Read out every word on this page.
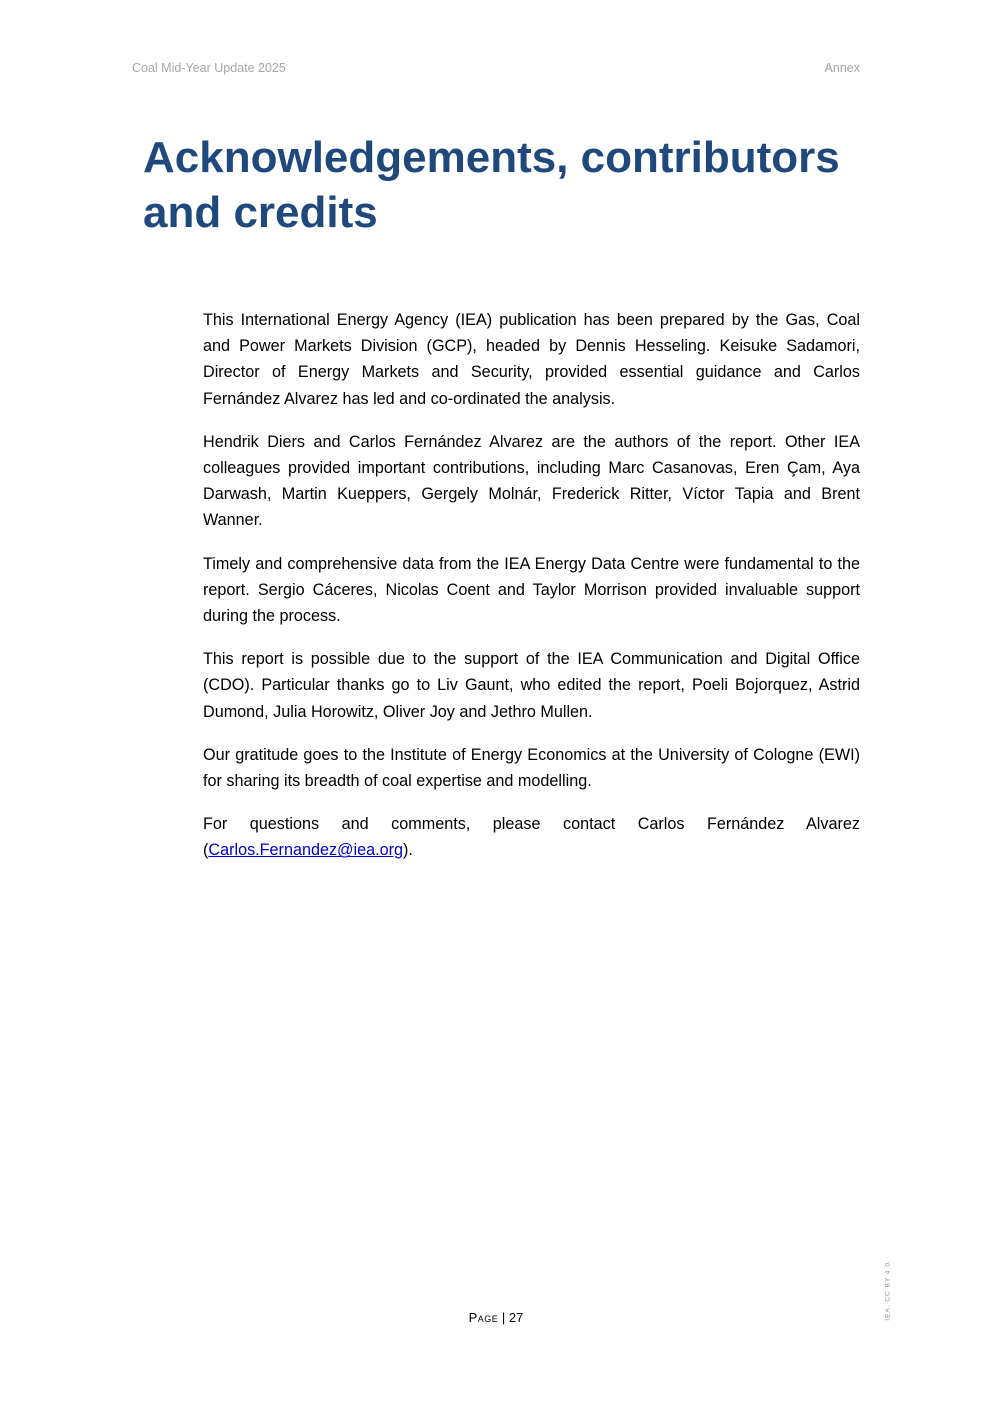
Coal Mid-Year Update 2025	Annex
Acknowledgements, contributors and credits

This International Energy Agency (IEA) publication has been prepared by the Gas, Coal and Power Markets Division (GCP), headed by Dennis Hesseling. Keisuke Sadamori, Director of Energy Markets and Security, provided essential guidance and Carlos Fernández Alvarez has led and co-ordinated the analysis.

Hendrik Diers and Carlos Fernández Alvarez are the authors of the report. Other IEA colleagues provided important contributions, including Marc Casanovas, Eren Çam, Aya Darwash, Martin Kueppers, Gergely Molnár, Frederick Ritter, Víctor Tapia and Brent Wanner.

Timely and comprehensive data from the IEA Energy Data Centre were fundamental to the report. Sergio Cáceres, Nicolas Coent and Taylor Morrison provided invaluable support during the process.

This report is possible due to the support of the IEA Communication and Digital Office (CDO). Particular thanks go to Liv Gaunt, who edited the report, Poeli Bojorquez, Astrid Dumond, Julia Horowitz, Oliver Joy and Jethro Mullen.

Our gratitude goes to the Institute of Energy Economics at the University of Cologne (EWI) for sharing its breadth of coal expertise and modelling.

For questions and comments, please contact Carlos Fernández Alvarez (Carlos.Fernandez@iea.org).

Page | 27	IEA. CC BY 4.0.
